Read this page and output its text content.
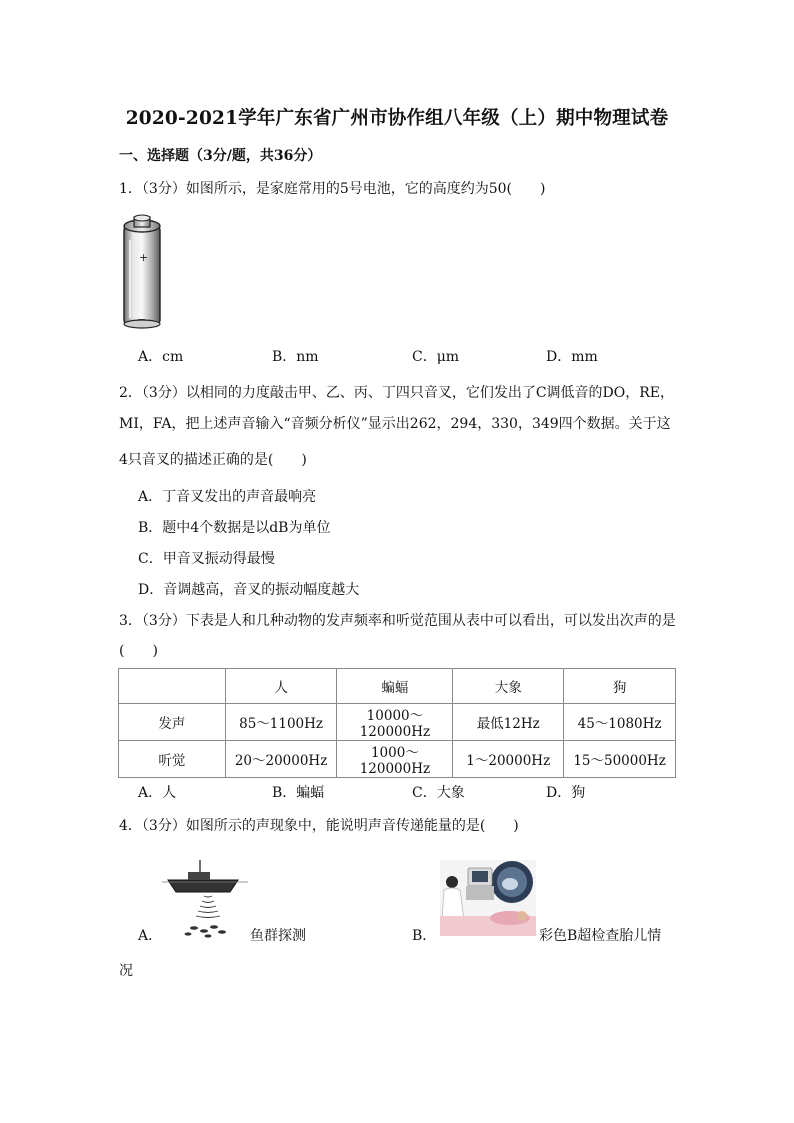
2020-2021学年广东省广州市协作组八年级（上）期中物理试卷
一、选择题（3分/题，共36分）
1．（3分）如图所示，是家庭常用的5号电池，它的高度约为50(　　)
+
−
A．cm	B．nm	C．μm	D．mm
2．（3分）以相同的力度敲击甲、乙、丙、丁四只音叉，它们发出了C调低音的DO，RE，
MI，FA，把上述声音输入“音频分析仪”显示出262，294，330，349四个数据。关于这
4只音叉的描述正确的是(　　)
A．丁音叉发出的声音最响亮
B．题中4个数据是以dB为单位
C．甲音叉振动得最慢
D．音调越高，音叉的振动幅度越大
3．（3分）下表是人和几种动物的发声频率和听觉范围从表中可以看出，可以发出次声的是
(　　)
	人	蝙蝠	大象	狗
发声	85～1100Hz	10000～120000Hz	最低12Hz	45～1080Hz
听觉	20～20000Hz	1000～120000Hz	1～20000Hz	15～50000Hz
A．人	B．蝙蝠	C．大象	D．狗
4．（3分）如图所示的声现象中，能说明声音传递能量的是(　　)
A．	鱼群探测	B．	彩色B超检查胎儿情
况
